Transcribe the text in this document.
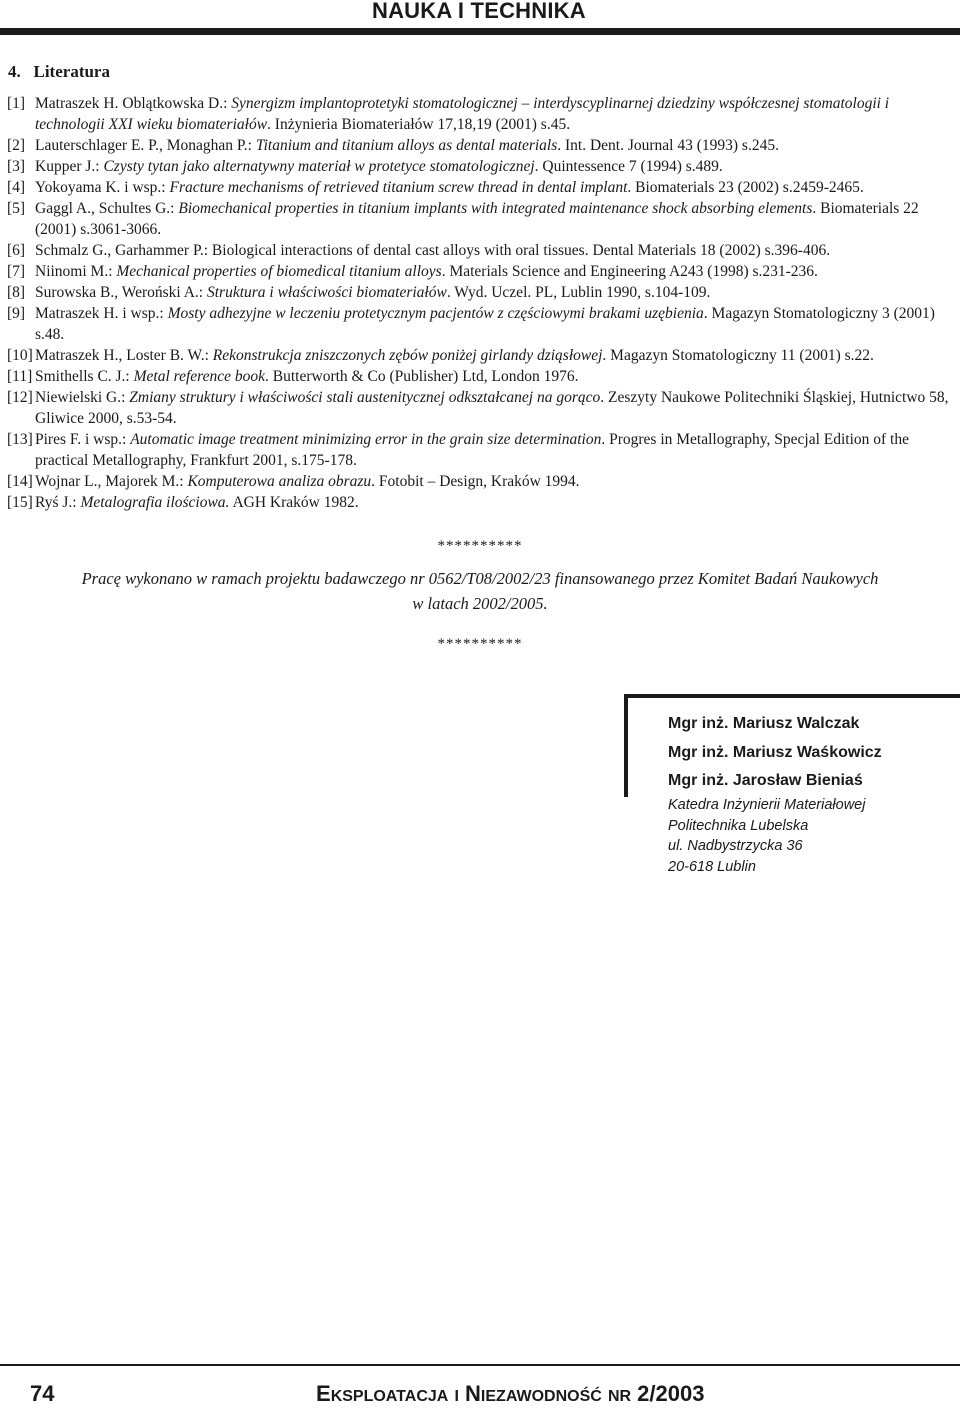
NAUKA I TECHNIKA
4.   Literatura
[1] Matraszek H. Oblątkowska D.: Synergizm implantoprotetyki stomatologicznej – interdyscyplinarnej dziedziny współczesnej stomatologii i technologii XXI wieku biomateriałów. Inżynieria Biomateriałów 17,18,19 (2001) s.45.
[2] Lauterschlager E. P., Monaghan P.: Titanium and titanium alloys as dental materials. Int. Dent. Journal 43 (1993) s.245.
[3] Kupper J.: Czysty tytan jako alternatywny materiał w protetyce stomatologicznej. Quintessence 7 (1994) s.489.
[4] Yokoyama K. i wsp.: Fracture mechanisms of retrieved titanium screw thread in dental implant. Biomaterials 23 (2002) s.2459-2465.
[5] Gaggl A., Schultes G.: Biomechanical properties in titanium implants with integrated maintenance shock absorbing elements. Biomaterials 22 (2001) s.3061-3066.
[6] Schmalz G., Garhammer P.: Biological interactions of dental cast alloys with oral tissues. Dental Materials 18 (2002) s.396-406.
[7] Niinomi M.: Mechanical properties of biomedical titanium alloys. Materials Science and Engineering A243 (1998) s.231-236.
[8] Surowska B., Weroński A.: Struktura i właściwości biomateriałów. Wyd. Uczel. PL, Lublin 1990, s.104-109.
[9] Matraszek H. i wsp.: Mosty adhezyjne w leczeniu protetycznym pacjentów z częściowymi brakami uzębienia. Magazyn Stomatologiczny 3 (2001) s.48.
[10] Matraszek H., Loster B. W.: Rekonstrukcja zniszczonych zębów poniżej girlandy dziąsłowej. Magazyn Stomatologiczny 11 (2001) s.22.
[11] Smithells C. J.: Metal reference book. Butterworth & Co (Publisher) Ltd, London 1976.
[12] Niewielski G.: Zmiany struktury i właściwości stali austenitycznej odkształcanej na gorąco. Zeszyty Naukowe Politechniki Śląskiej, Hutnictwo 58, Gliwice 2000, s.53-54.
[13] Pires F. i wsp.: Automatic image treatment minimizing error in the grain size determination. Progres in Metallography, Specjal Edition of the practical Metallography, Frankfurt 2001, s.175-178.
[14] Wojnar L., Majorek M.: Komputerowa analiza obrazu. Fotobit – Design, Kraków 1994.
[15] Ryś J.: Metalografia ilościowa. AGH Kraków 1982.
**********
Pracę wykonano w ramach projektu badawczego nr 0562/T08/2002/23 finansowanego przez Komitet Badań Naukowych
w latach 2002/2005.
**********
Mgr inż. Mariusz Walczak
Mgr inż. Mariusz Waśkowicz
Mgr inż. Jarosław Bieniaś
Katedra Inżynierii Materiałowej
Politechnika Lubelska
ul. Nadbystrzycka 36
20-618 Lublin
74	EKSPLOATACJA I NIEZAWODNOŚĆ NR 2/2003
